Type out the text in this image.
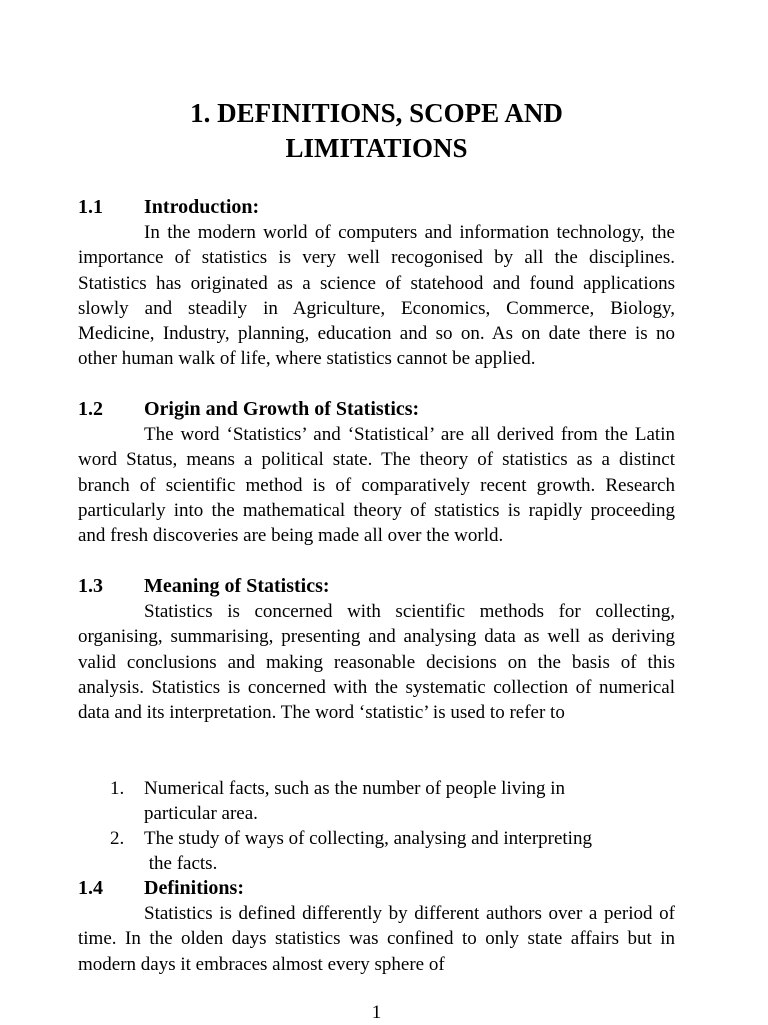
1. DEFINITIONS, SCOPE AND
LIMITATIONS
1.1 Introduction:

In the modern world of computers and information technology, the importance of statistics is very well recogonised by all the disciplines. Statistics has originated as a science of statehood and found applications slowly and steadily in Agriculture, Economics, Commerce, Biology, Medicine, Industry, planning, education and so on. As on date there is no other human walk of life, where statistics cannot be applied.

1.2 Origin and Growth of Statistics:

The word ‘Statistics’ and ‘Statistical’ are all derived from the Latin word Status, means a political state. The theory of statistics as a distinct branch of scientific method is of comparatively recent growth. Research particularly into the mathematical theory of statistics is rapidly proceeding and fresh discoveries are being made all over the world.

1.3 Meaning of Statistics:

Statistics is concerned with scientific methods for collecting, organising, summarising, presenting and analysing data as well as deriving valid conclusions and making reasonable decisions on the basis of this analysis. Statistics is concerned with the systematic collection of numerical data and its interpretation. The word ‘statistic’ is used to refer to

1. Numerical facts, such as the number of people living in
particular area.
2. The study of ways of collecting, analysing and interpreting
the facts.
1.4 Definitions:

Statistics is defined differently by different authors over a period of time. In the olden days statistics was confined to only state affairs but in modern days it embraces almost every sphere of

1
